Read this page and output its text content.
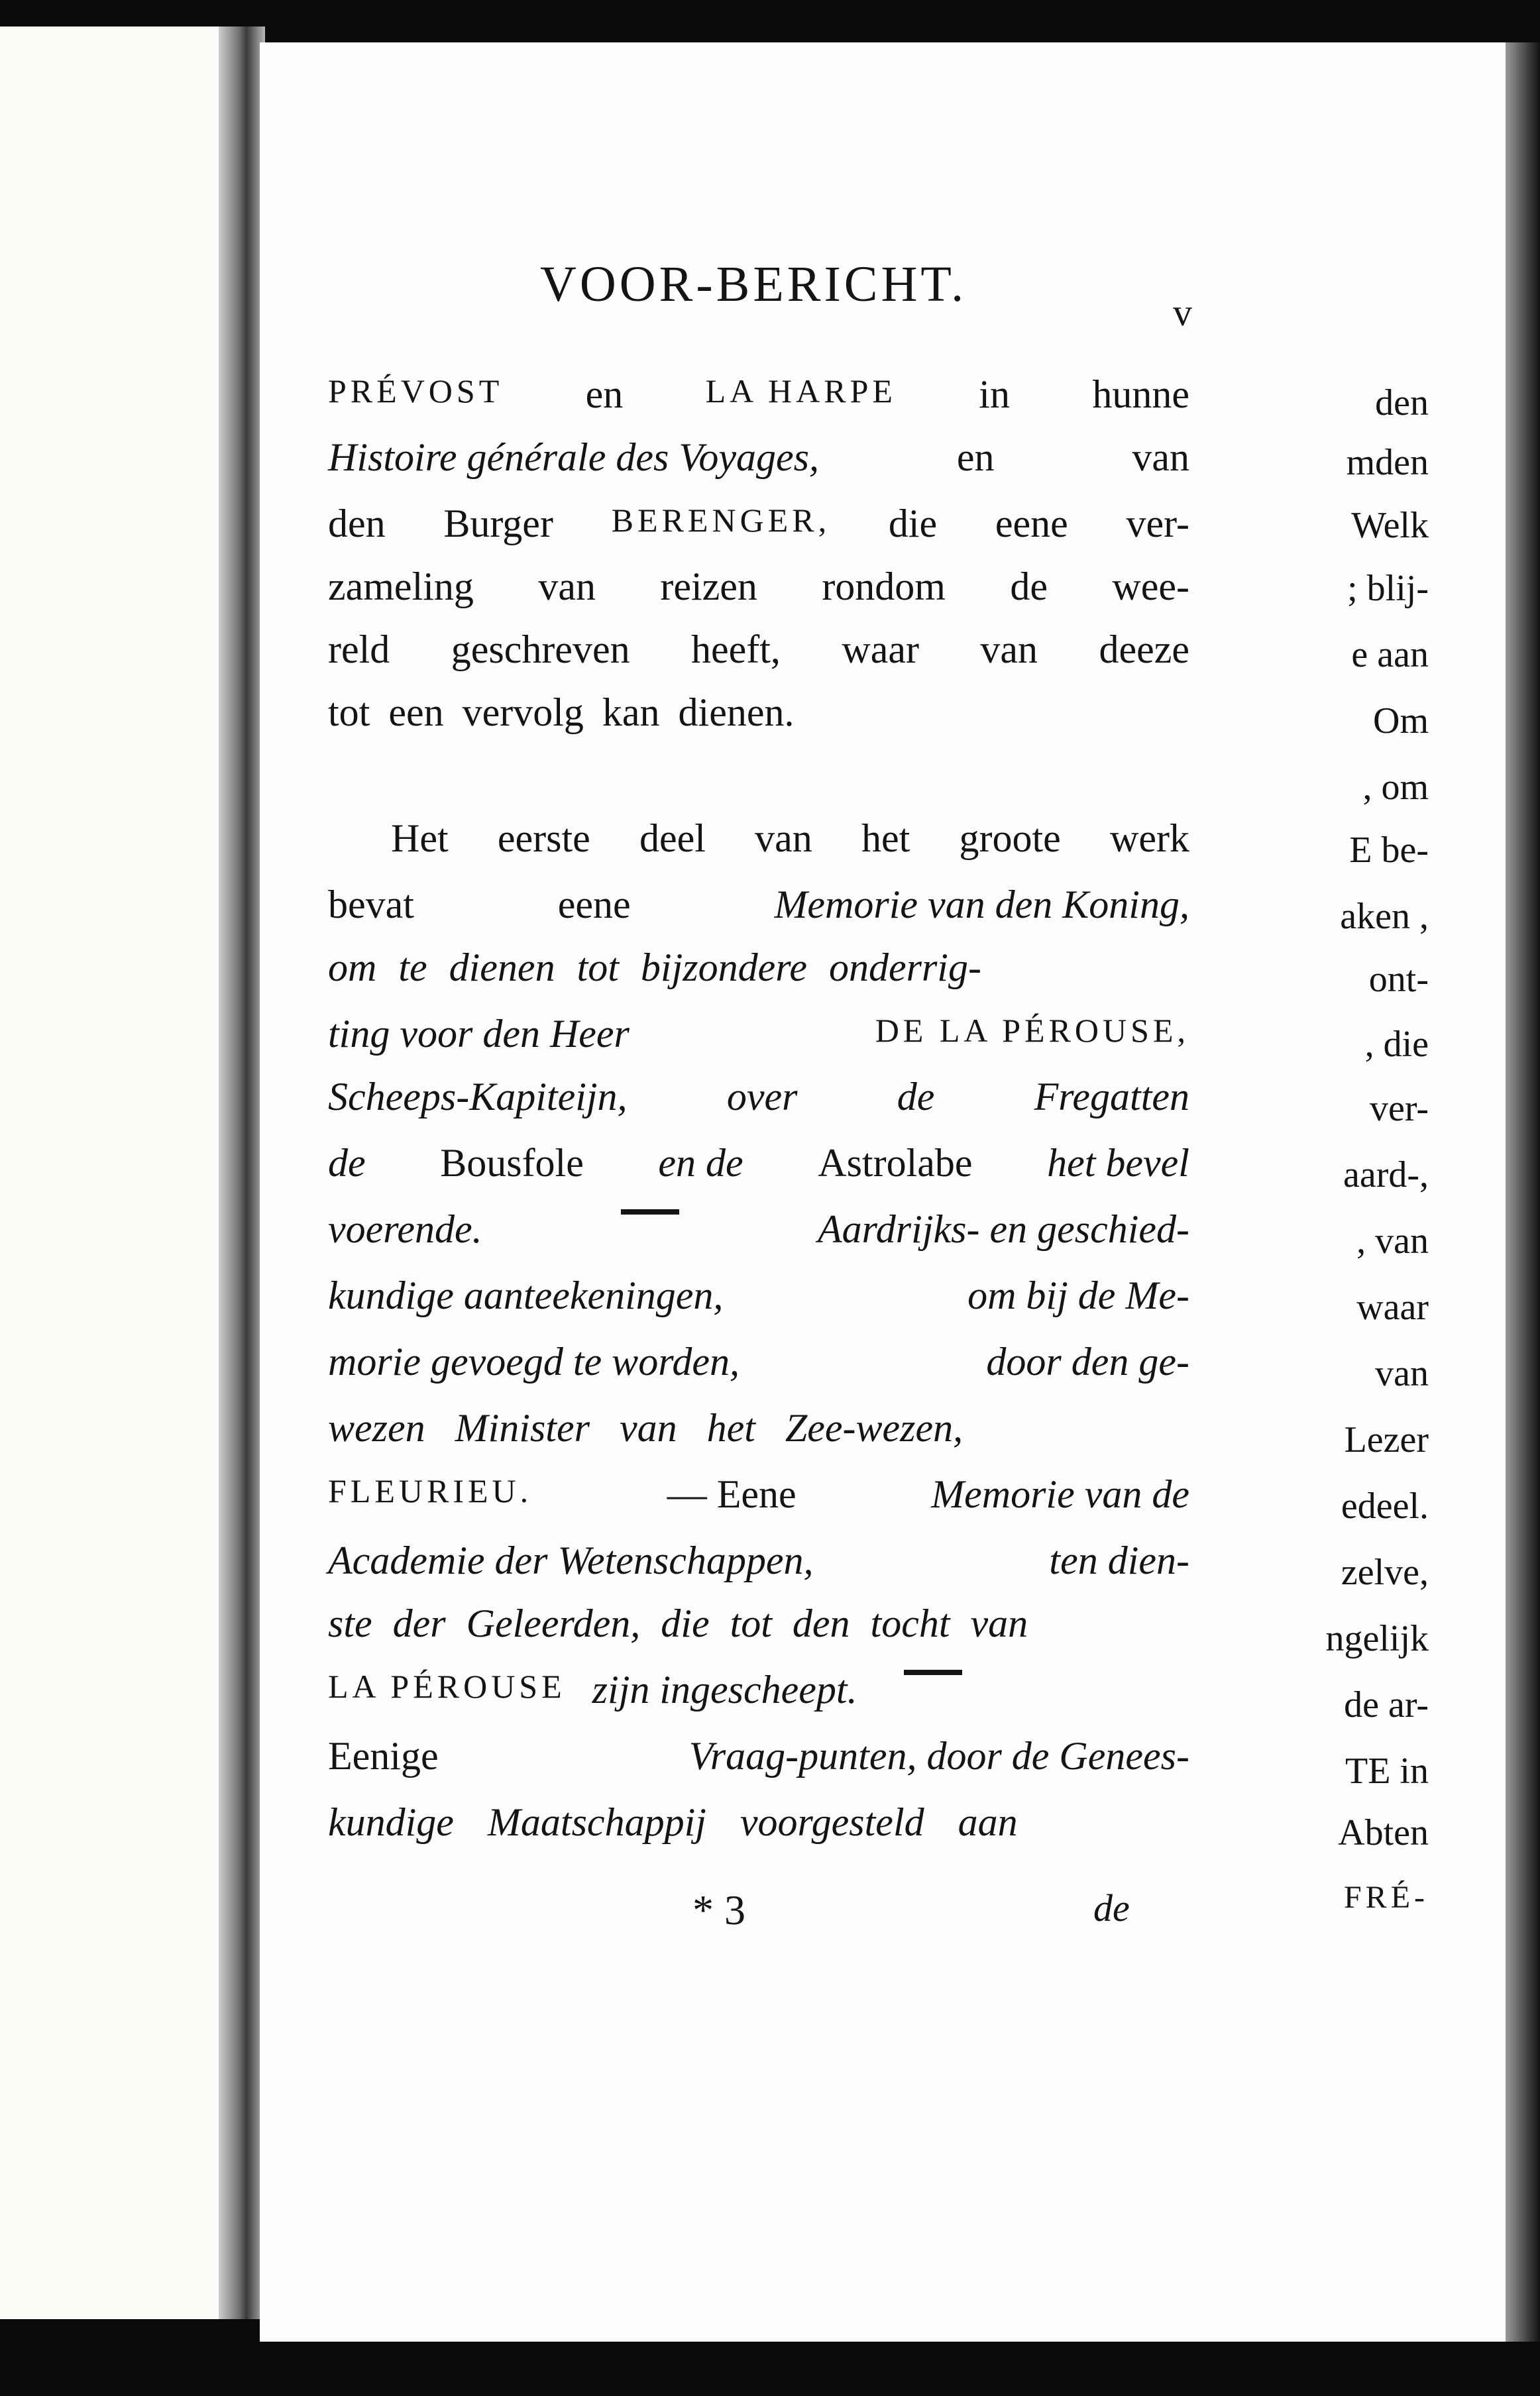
den
mden
Welk
; blij-
e aan
Om
, om
E be-
aken ,
ont-
, die
ver-
aard-,
, van
waar
van
Lezer
edeel.
zelve,
ngelijk
de ar-
TE in
Abten
FRÉ-
VOOR-BERICHT.
v
PRÉVOST en LA HARPE in hunne
Histoire générale des Voyages,	en	van
den Burger BERENGER, die eene ver-
zameling van reizen rondom de wee-
reld geschreven heeft, waar van deeze
tot een vervolg kan dienen.
Het eerste deel van het groote werk
bevat	eene	Memorie van den Koning,
om te dienen tot bijzondere onderrig-
ting voor den Heer	DE LA PÉROUSE,
Scheeps-Kapiteijn,	over	de	Fregatten
de Bousfole en de Astrolabe het bevel
voerende.	Aardrijks- en geschied-
kundige aanteekeningen,	om bij de Me-
morie gevoegd te worden,	door den ge-
wezen Minister van het Zee-wezen,
FLEURIEU.	— Eene	Memorie van de
Academie der Wetenschappen,	ten dien-
ste der Geleerden, die tot den tocht van
LA PÉROUSE zijn ingescheept.
Eenige	Vraag-punten, door de Genees-
kundige Maatschappij voorgesteld aan
* 3	de
